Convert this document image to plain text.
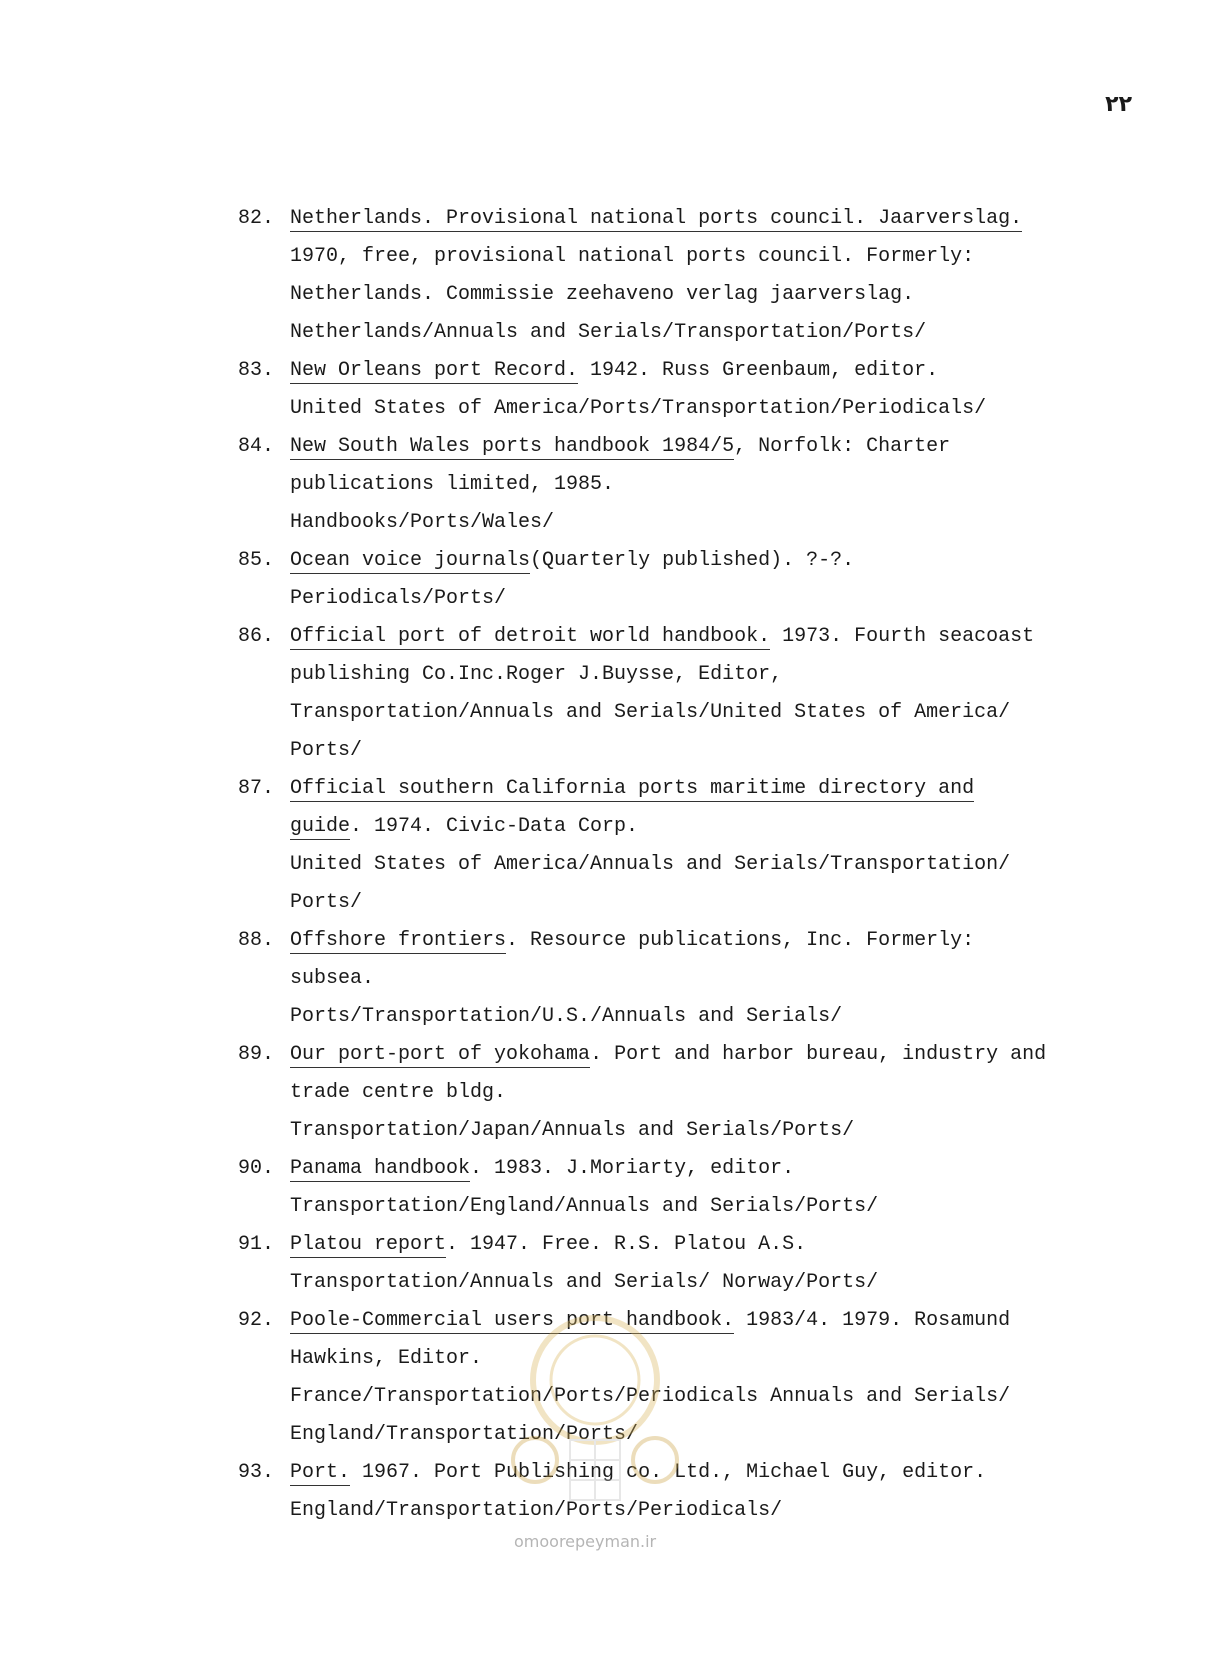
۲۲
82. Netherlands. Provisional national ports council. Jaarverslag.
1970, free, provisional national ports council. Formerly:
Netherlands. Commissie zeehaveno verlag jaarverslag.
Netherlands/Annuals and Serials/Transportation/Ports/
83. New Orleans port Record. 1942. Russ Greenbaum, editor.
United States of America/Ports/Transportation/Periodicals/
84. New South Wales ports handbook 1984/5, Norfolk: Charter
publications limited, 1985.
Handbooks/Ports/Wales/
85. Ocean voice journals(Quarterly published). ?-?.
Periodicals/Ports/
86. Official port of detroit world handbook. 1973. Fourth seacoast
publishing Co.Inc.Roger J.Buysse, Editor,
Transportation/Annuals and Serials/United States of America/
Ports/
87. Official southern California ports maritime directory and
guide. 1974. Civic-Data Corp.
United States of America/Annuals and Serials/Transportation/
Ports/
88. Offshore frontiers. Resource publications, Inc. Formerly:
subsea.
Ports/Transportation/U.S./Annuals and Serials/
89. Our port-port of yokohama. Port and harbor bureau, industry and
trade centre bldg.
Transportation/Japan/Annuals and Serials/Ports/
90. Panama handbook. 1983. J.Moriarty, editor.
Transportation/England/Annuals and Serials/Ports/
91. Platou report. 1947. Free. R.S. Platou A.S.
Transportation/Annuals and Serials/ Norway/Ports/
92. Poole-Commercial users port handbook. 1983/4. 1979. Rosamund
Hawkins, Editor.
France/Transportation/Ports/Periodicals Annuals and Serials/
England/Transportation/Ports/
93. Port. 1967. Port Publishing co. Ltd., Michael Guy, editor.
England/Transportation/Ports/Periodicals/
omoorepeyman.ir
